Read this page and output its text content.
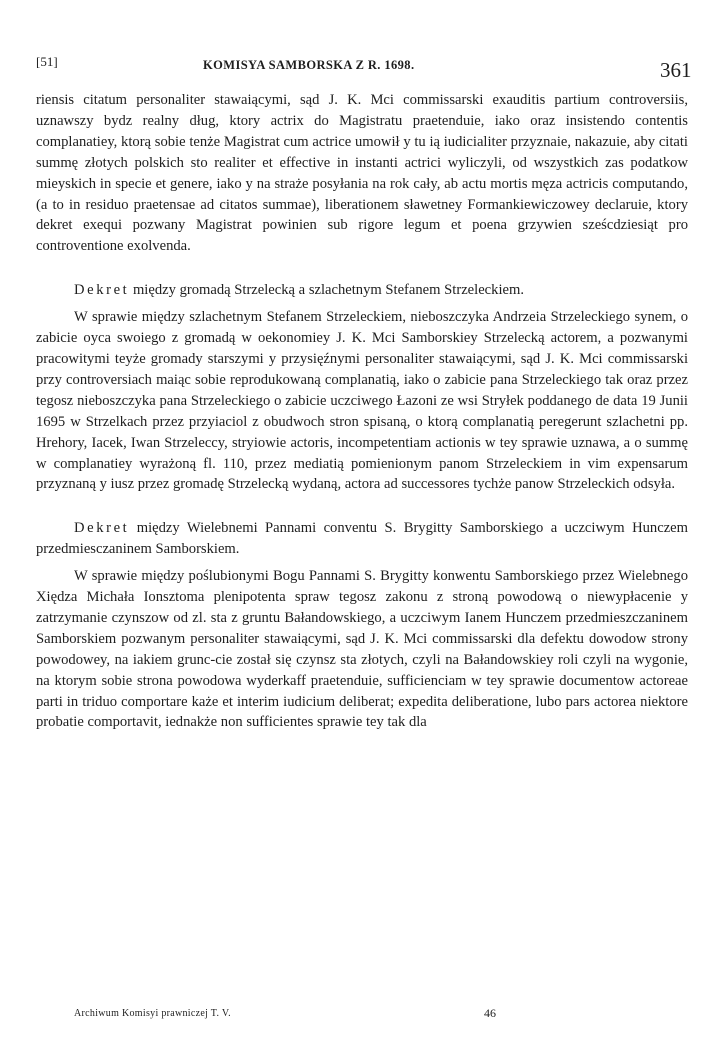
[51]	KOMISYA SAMBORSKA Z R. 1698.	361

riensis citatum personaliter stawaiącymi, sąd J. K. Mci commissarski exauditis partium controversiis, uznawszy bydz realny dług, ktory actrix do Magistratu praetenduie, iako oraz insistendo contentis complanatiey, ktorą sobie tenże Magistrat cum actrice umowił y tu ią iudicialiter przyznaie, nakazuie, aby citati summę złotych polskich sto realiter et effective in instanti actrici wyliczyli, od wszystkich zas podatkow mieyskich in specie et genere, iako y na straże posyłania na rok cały, ab actu mortis męza actricis computando, (a to in residuo praetensae ad citatos summae), liberationem sławetney Formankiewiczowey declaruie, ktory dekret exequi pozwany Magistrat powinien sub rigore legum et poena grzywien sześcdziesiąt pro controventione exolvenda.

Dekret między gromadą Strzelecką a szlachetnym Stefanem Strzeleckiem.

W sprawie między szlachetnym Stefanem Strzeleckiem, nieboszczyka Andrzeia Strzeleckiego synem, o zabicie oyca swoiego z gromadą w oekonomiey J. K. Mci Samborskiey Strzelecką actorem, a pozwanymi pracowitymi teyże gromady starszymi y przysięźnymi personaliter stawaiącymi, sąd J. K. Mci commissarski przy controversiach maiąc sobie reprodukowaną complanatią, iako o zabicie pana Strzeleckiego tak oraz przez tegosz nieboszczyka pana Strzeleckiego o zabicie uczciwego Łazoni ze wsi Stryłek poddanego de data 19 Junii 1695 w Strzelkach przez przyiaciol z obudwoch stron spisaną, o ktorą complanatią peregerunt szlachetni pp. Hrehory, Iacek, Iwan Strzeleccy, stryiowie actoris, incompetentiam actionis w tey sprawie uznawa, a o summę w complanatiey wyrażoną fl. 110, przez mediatią pomienionym panom Strzeleckiem in vim expensarum przyznaną y iusz przez gromadę Strzelecką wydaną, actora ad successores tychże panow Strzeleckich odsyła.

Dekret między Wielebnemi Pannami conventu S. Brygitty Samborskiego a uczciwym Hunczem przedmiesczaninem Samborskiem.

W sprawie między poślubionymi Bogu Pannami S. Brygitty konwentu Samborskiego przez Wielebnego Xiędza Michała Ionsztoma plenipotenta spraw tegosz zakonu z stroną powodową o niewypłacenie y zatrzymanie czynszow od zl. sta z gruntu Bałandowskiego, a uczciwym Ianem Hunczem przedmieszczaninem Samborskiem pozwanym personaliter stawaiącymi, sąd J. K. Mci commissarski dla defektu dowodow strony powodowey, na iakiem grunc-cie został się czynsz sta złotych, czyli na Bałandowskiey roli czyli na wygonie, na ktorym sobie strona powodowa wyderkaff praetenduie, sufficienciam w tey sprawie documentow actoreae parti in triduo comportare każe et interim iudicium deliberat; expedita deliberatione, lubo pars actorea niektore probatie comportavit, iednakże non sufficientes sprawie tey tak dla

Archiwum Komisyi prawniczej T. V.	46
